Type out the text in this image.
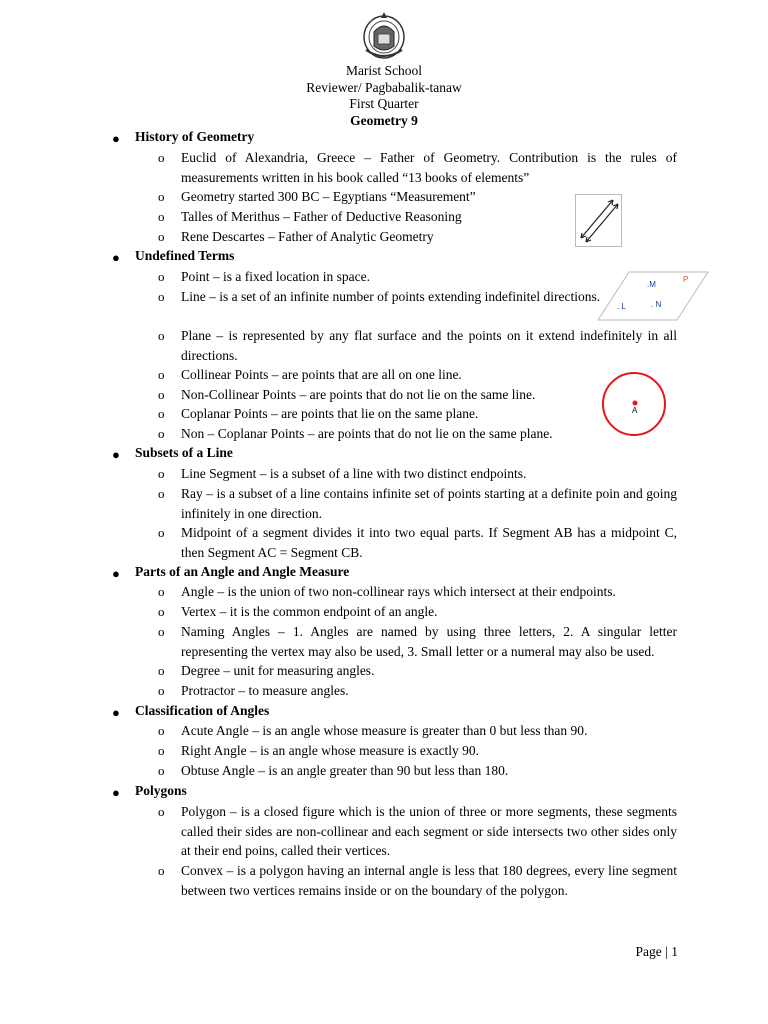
Marist School
Reviewer/ Pagbabalik-tanaw
First Quarter
Geometry 9
● History of Geometry
o Euclid of Alexandria, Greece – Father of Geometry. Contribution is the rules of measurements written in his book called “13 books of elements”
o Geometry started 300 BC – Egyptians “Measurement”
o Talles of Merithus – Father of Deductive Reasoning
o Rene Descartes – Father of Analytic Geometry
● Undefined Terms
o Point – is a fixed location in space.
o Line – is a set of an infinite number of points extending indefinitel directions.
o Plane – is represented by any flat surface and the points on it extend indefinitely in all directions.
o Collinear Points – are points that are all on one line.
o Non-Collinear Points – are points that do not lie on the same line.
o Coplanar Points – are points that lie on the same plane.
o Non – Coplanar Points – are points that do not lie on the same plane.
● Subsets of a Line
o Line Segment – is a subset of a line with two distinct endpoints.
o Ray – is a subset of a line contains infinite set of points starting at a definite poin and going infinitely in one direction.
o Midpoint of a segment divides it into two equal parts. If Segment AB has a midpoint C, then Segment AC = Segment CB.
● Parts of an Angle and Angle Measure
o Angle – is the union of two non-collinear rays which intersect at their endpoints.
o Vertex – it is the common endpoint of an angle.
o Naming Angles – 1. Angles are named by using three letters, 2. A singular letter representing the vertex may also be used, 3. Small letter or a numeral may also be used.
o Degree – unit for measuring angles.
o Protractor – to measure angles.
● Classification of Angles
o Acute Angle – is an angle whose measure is greater than 0 but less than 90.
o Right Angle – is an angle whose measure is exactly 90.
o Obtuse Angle – is an angle greater than 90 but less than 180.
● Polygons
o Polygon – is a closed figure which is the union of three or more segments, these segments called their sides are non-collinear and each segment or side intersects two other sides only at their end poins, called their vertices.
o Convex – is a polygon having an internal angle is less that 180 degrees, every line segment between two vertices remains inside or on the boundary of the polygon.
.M
P
. L	. N
A
Page | 1
